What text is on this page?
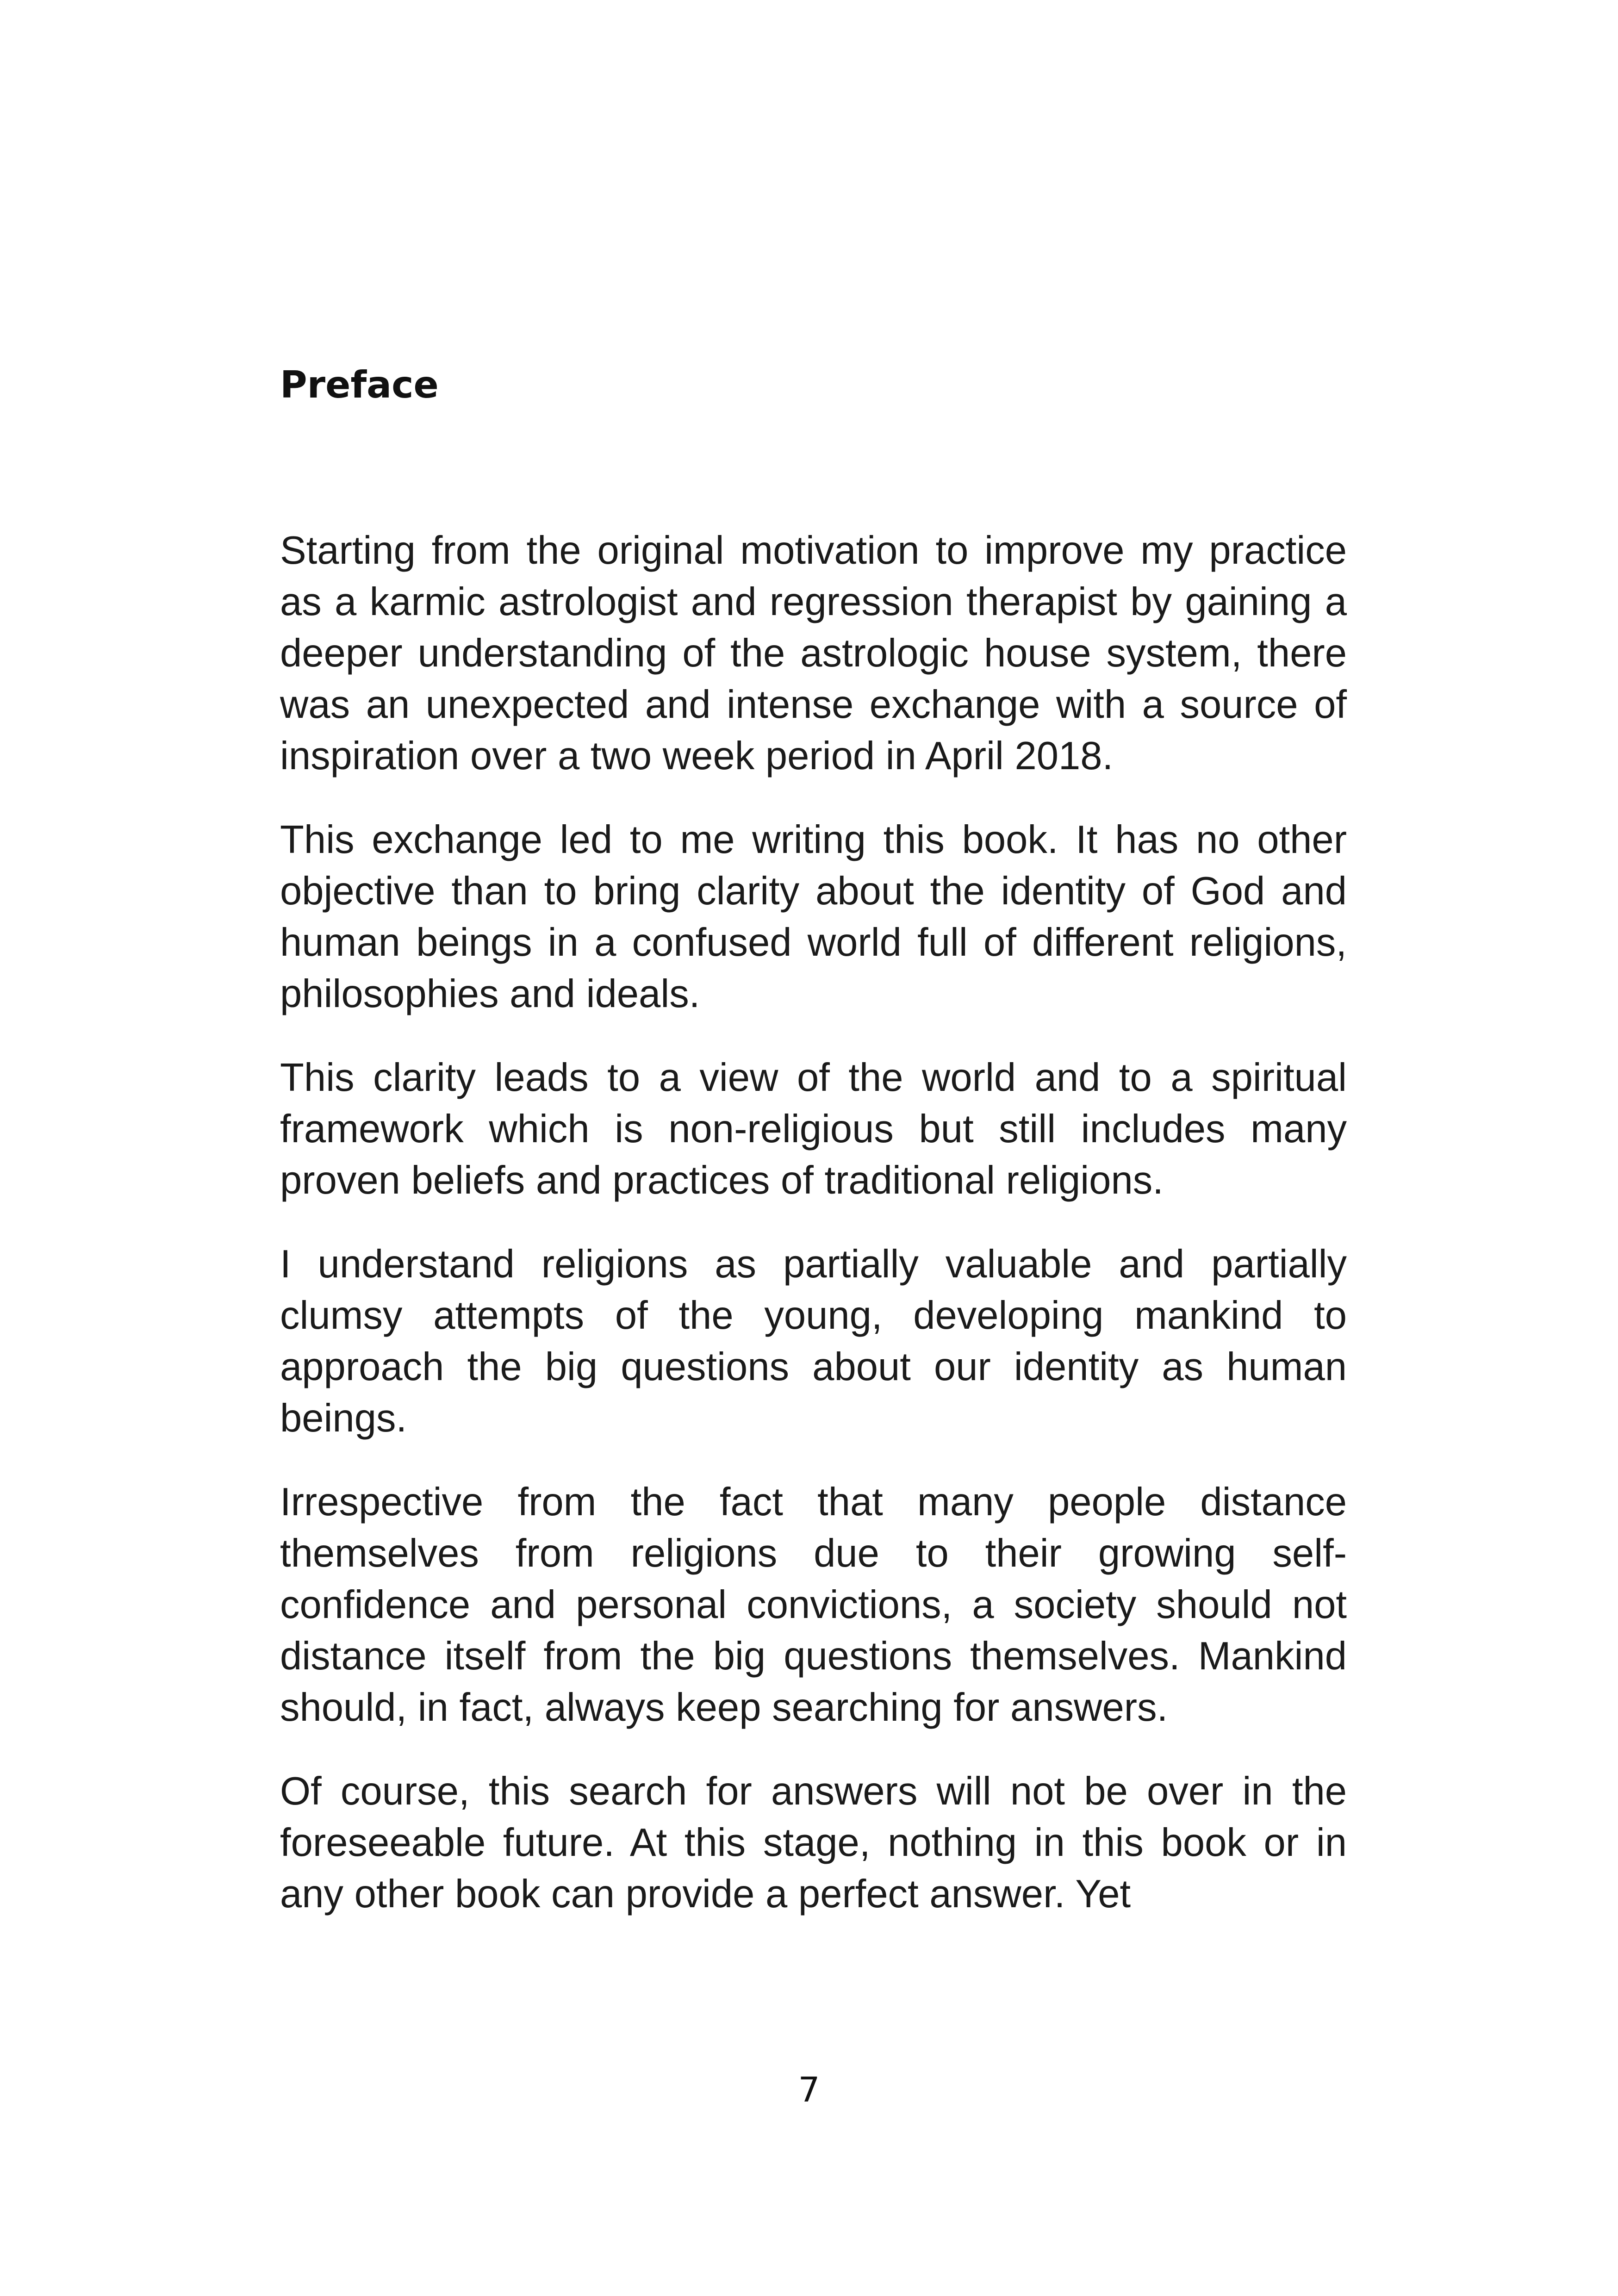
Preface

Starting from the original motivation to improve my practice as a karmic astrologist and regression therapist by gaining a deeper understanding of the astrologic house system, there was an unexpected and intense exchange with a source of inspiration over a two week period in April 2018.

This exchange led to me writing this book. It has no other objective than to bring clarity about the identity of God and human beings in a confused world full of different religions, philosophies and ideals.

This clarity leads to a view of the world and to a spiritual framework which is non-religious but still includes many proven beliefs and practices of traditional religions.

I understand religions as partially valuable and partially clumsy attempts of the young, developing mankind to approach the big questions about our identity as human beings.

Irrespective from the fact that many people distance themselves from religions due to their growing self-confidence and personal convictions, a society should not distance itself from the big questions themselves. Mankind should, in fact, always keep searching for answers.

Of course, this search for answers will not be over in the foreseeable future. At this stage, nothing in this book or in any other book can provide a perfect answer. Yet

7
